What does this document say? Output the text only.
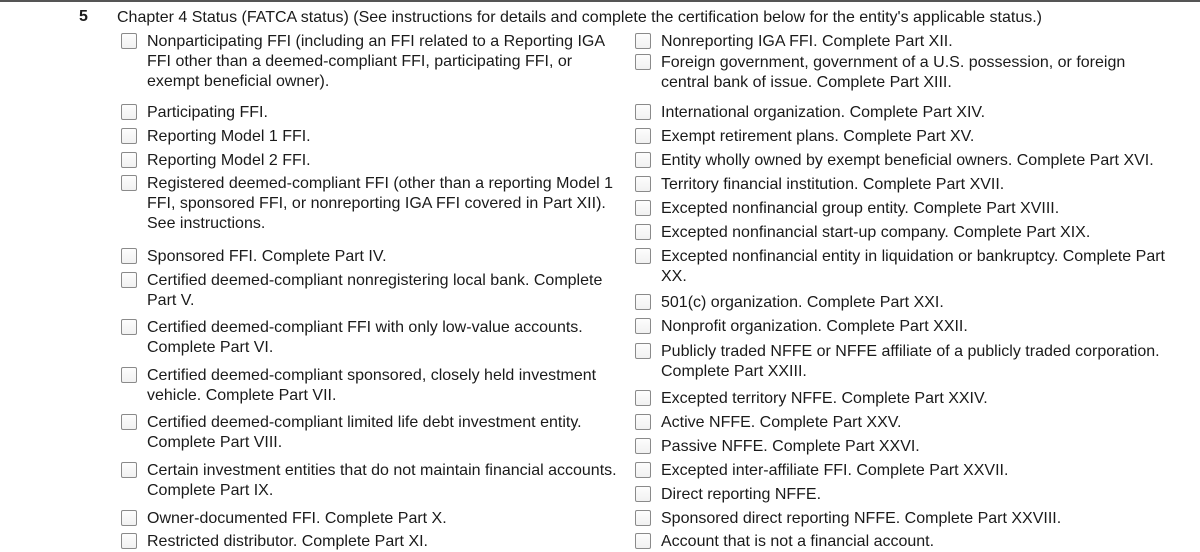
5 Chapter 4 Status (FATCA status) (See instructions for details and complete the certification below for the entity's applicable status.)
Nonparticipating FFI (including an FFI related to a Reporting IGA FFI other than a deemed-compliant FFI, participating FFI, or exempt beneficial owner).
Participating FFI.
Reporting Model 1 FFI.
Reporting Model 2 FFI.
Registered deemed-compliant FFI (other than a reporting Model 1 FFI, sponsored FFI, or nonreporting IGA FFI covered in Part XII). See instructions.
Sponsored FFI. Complete Part IV.
Certified deemed-compliant nonregistering local bank. Complete Part V.
Certified deemed-compliant FFI with only low-value accounts. Complete Part VI.
Certified deemed-compliant sponsored, closely held investment vehicle. Complete Part VII.
Certified deemed-compliant limited life debt investment entity. Complete Part VIII.
Certain investment entities that do not maintain financial accounts. Complete Part IX.
Owner-documented FFI. Complete Part X.
Restricted distributor. Complete Part XI.
Nonreporting IGA FFI. Complete Part XII.
Foreign government, government of a U.S. possession, or foreign central bank of issue. Complete Part XIII.
International organization. Complete Part XIV.
Exempt retirement plans. Complete Part XV.
Entity wholly owned by exempt beneficial owners. Complete Part XVI.
Territory financial institution. Complete Part XVII.
Excepted nonfinancial group entity. Complete Part XVIII.
Excepted nonfinancial start-up company. Complete Part XIX.
Excepted nonfinancial entity in liquidation or bankruptcy. Complete Part XX.
501(c) organization. Complete Part XXI.
Nonprofit organization. Complete Part XXII.
Publicly traded NFFE or NFFE affiliate of a publicly traded corporation. Complete Part XXIII.
Excepted territory NFFE. Complete Part XXIV.
Active NFFE. Complete Part XXV.
Passive NFFE. Complete Part XXVI.
Excepted inter-affiliate FFI. Complete Part XXVII.
Direct reporting NFFE.
Sponsored direct reporting NFFE. Complete Part XXVIII.
Account that is not a financial account.
